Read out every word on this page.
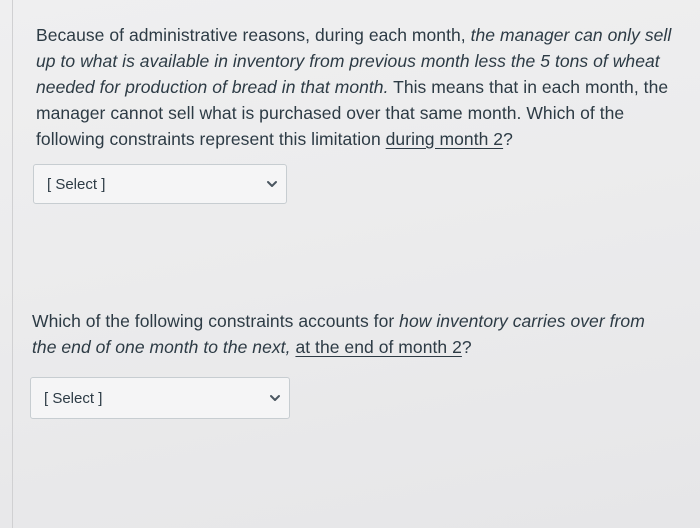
Because of administrative reasons, during each month, the manager can only sell
up to what is available in inventory from previous month less the 5 tons of wheat
needed for production of bread in that month. This means that in each month, the
manager cannot sell what is purchased over that same month. Which of the
following constraints represent this limitation during month 2?
[ Select ]
Which of the following constraints accounts for how inventory carries over from
the end of one month to the next, at the end of month 2?
[ Select ]
